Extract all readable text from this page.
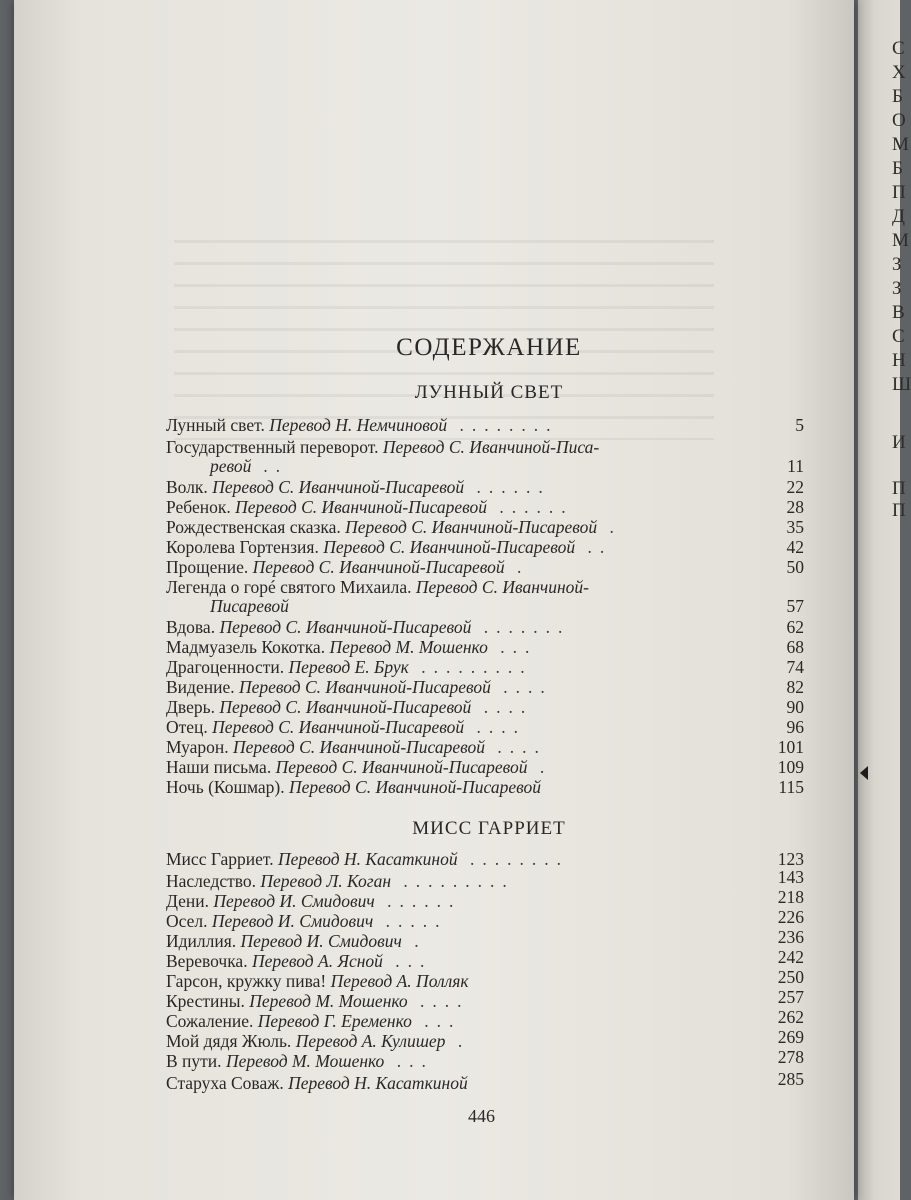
С
Х
Б
О
М
Б
П
Д
М
З
З
В
С
Н
Ш
И
П
П
СОДЕРЖАНИЕ
ЛУННЫЙ СВЕТ
Лунный свет. Перевод Н. Немчиновой ........	5
Государственный переворот. Перевод С. Иванчиной-Писа-
ревой ..	11
Волк. Перевод С. Иванчиной-Писаревой ......	22
Ребенок. Перевод С. Иванчиной-Писаревой ......	28
Рождественская сказка. Перевод С. Иванчиной-Писаревой .	35
Королева Гортензия. Перевод С. Иванчиной-Писаревой ..	42
Прощение. Перевод С. Иванчиной-Писаревой .	50
Легенда о горé святого Михаила. Перевод С. Иванчиной-
Писаревой	57
Вдова. Перевод С. Иванчиной-Писаревой .......	62
Мадмуазель Кокотка. Перевод М. Мошенко ...	68
Драгоценности. Перевод Е. Брук .........	74
Видение. Перевод С. Иванчиной-Писаревой ....	82
Дверь. Перевод С. Иванчиной-Писаревой ....	90
Отец. Перевод С. Иванчиной-Писаревой ....	96
Муарон. Перевод С. Иванчиной-Писаревой ....	101
Наши письма. Перевод С. Иванчиной-Писаревой .	109
Ночь (Кошмар). Перевод С. Иванчиной-Писаревой	115
МИСС ГАРРИЕТ
Мисс Гарриет. Перевод Н. Касаткиной ........	123
Наследство. Перевод Л. Коган .........	143
Дени. Перевод И. Смидович ......	218
Осел. Перевод И. Смидович .....	226
Идиллия. Перевод И. Смидович .	236
Веревочка. Перевод А. Ясной ...	242
Гарсон, кружку пива! Перевод А. Полляк	250
Крестины. Перевод М. Мошенко ....	257
Сожаление. Перевод Г. Еременко ...	262
Мой дядя Жюль. Перевод А. Кулишер .	269
В пути. Перевод М. Мошенко ...	278
Старуха Соваж. Перевод Н. Касаткиной	285
446
